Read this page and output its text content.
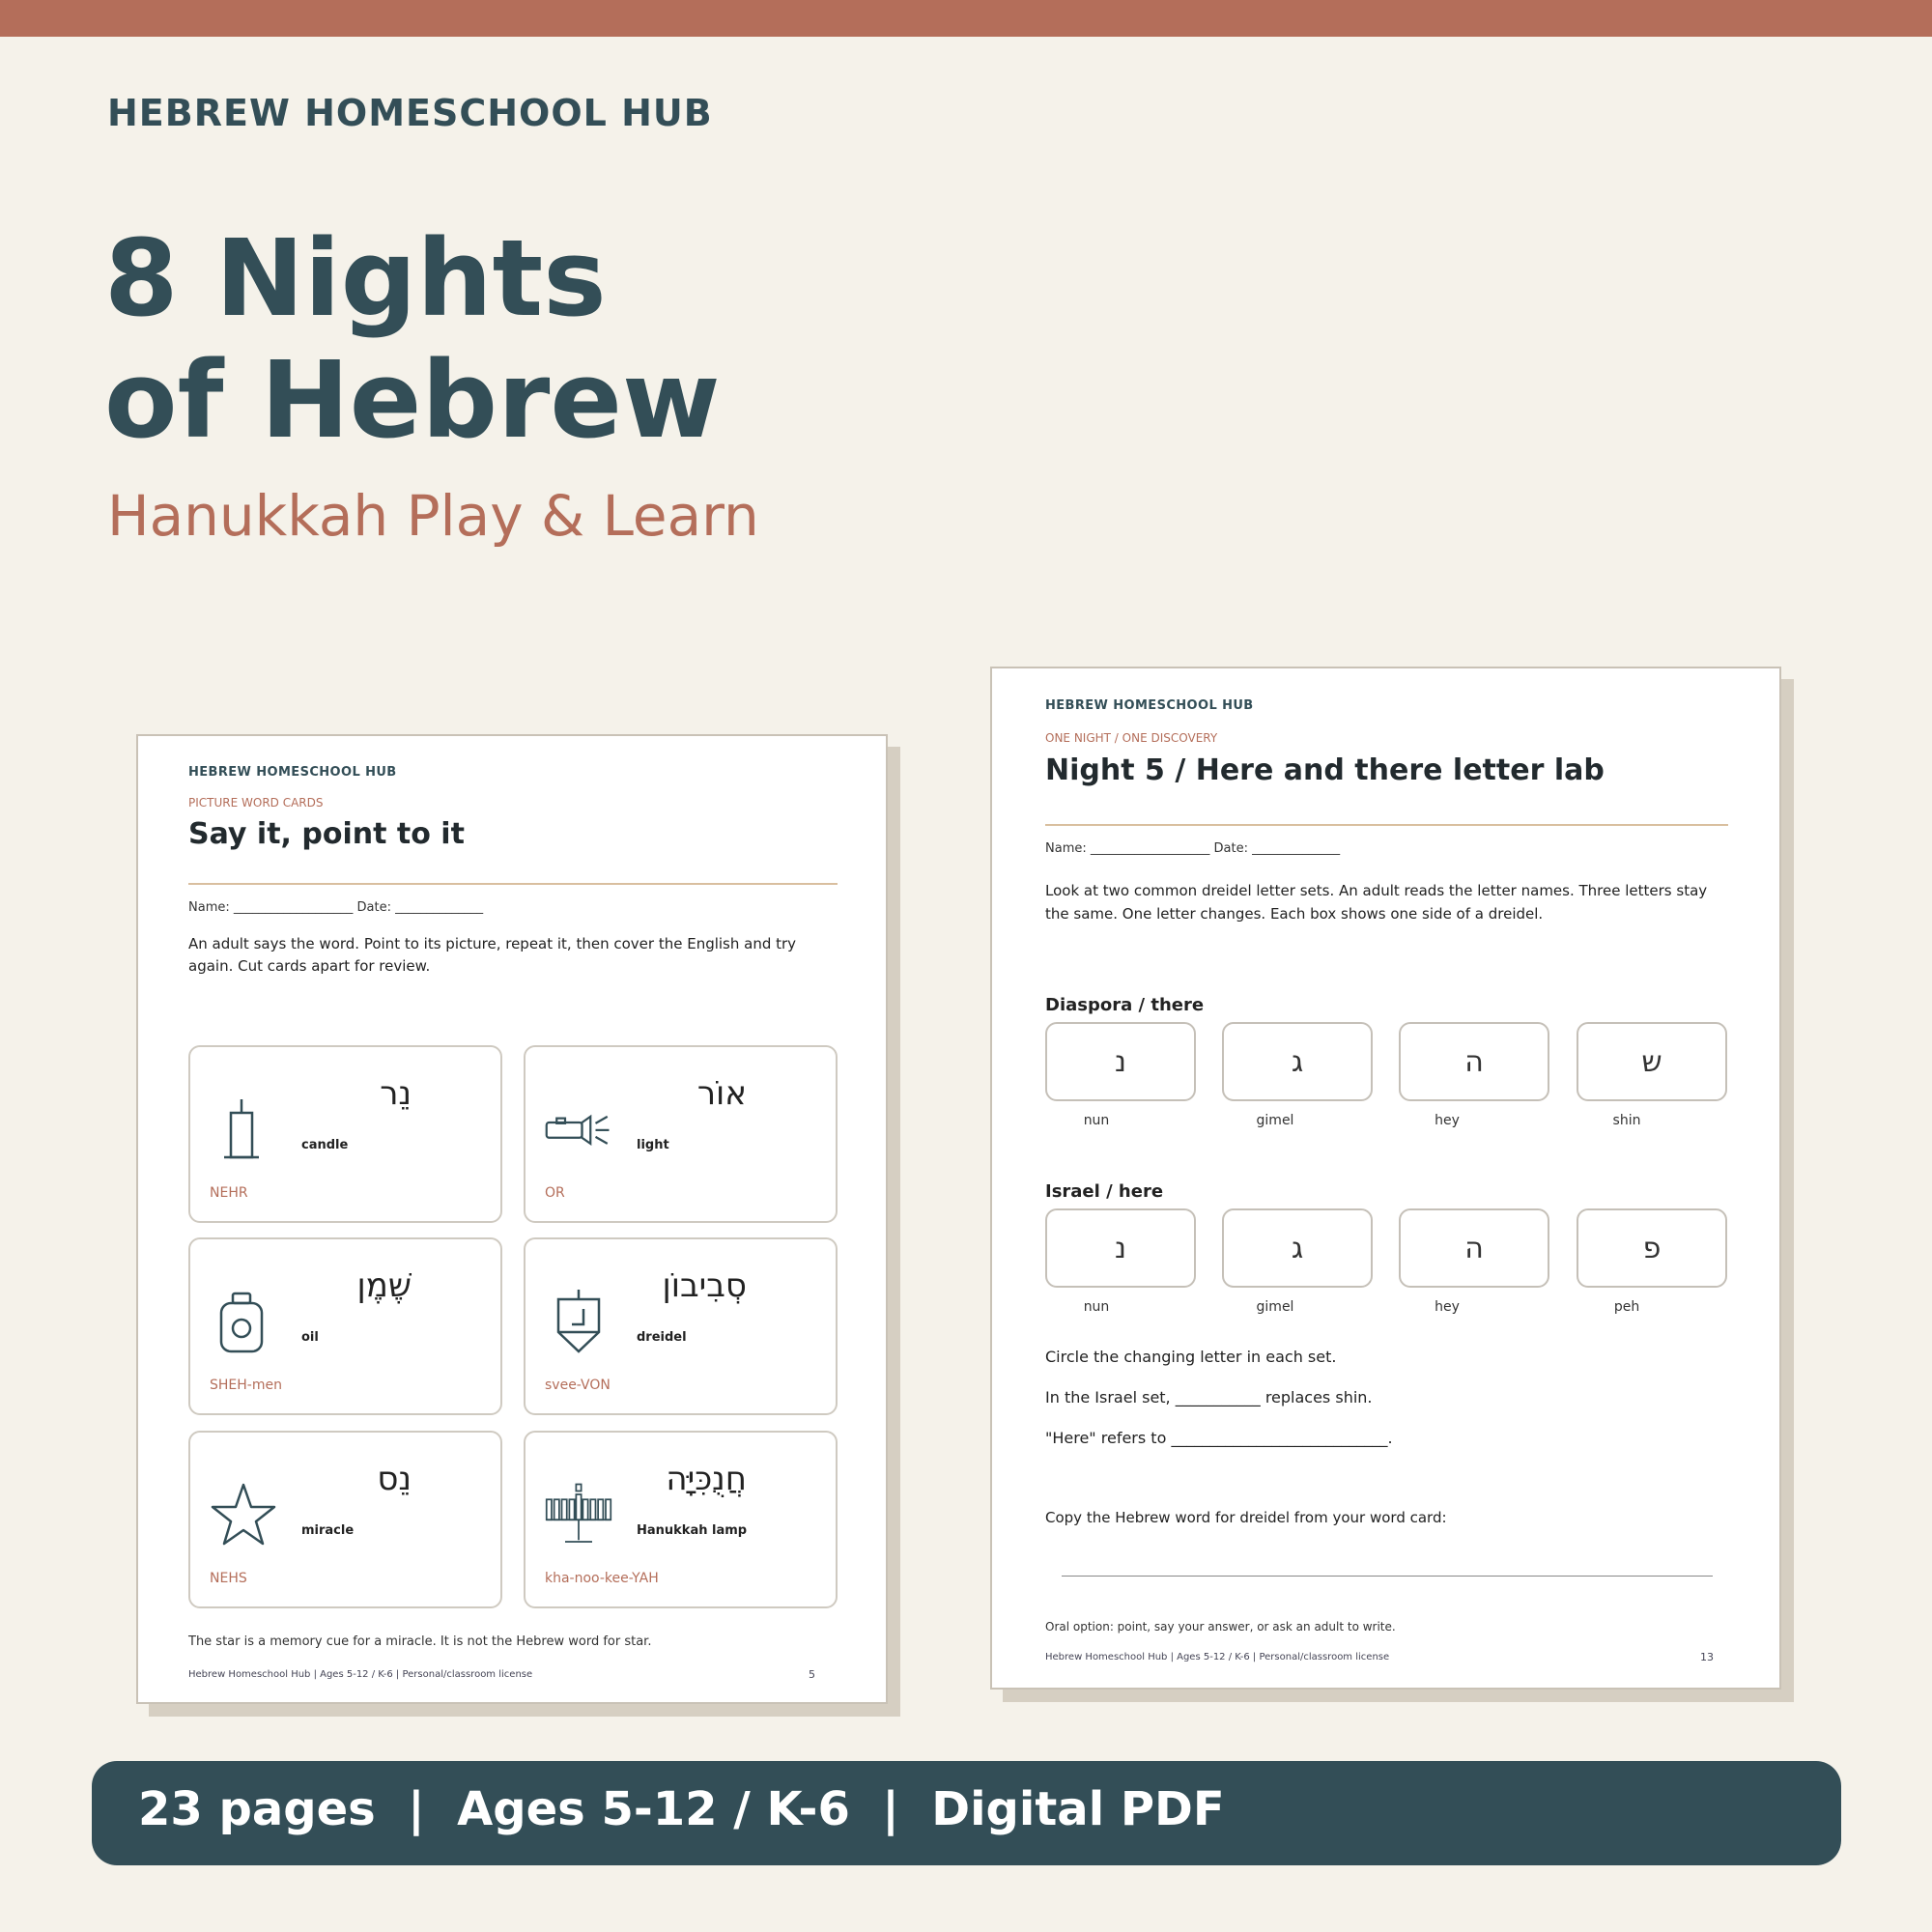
HEBREW HOMESCHOOL HUB
8 Nights
of Hebrew
Hanukkah Play & Learn
HEBREW HOMESCHOOL HUB
PICTURE WORD CARDS
Say it, point to it
Name: ___________________ Date: ______________
An adult says the word. Point to its picture, repeat it, then cover the English and try again. Cut cards apart for review.
נֵר
candle
NEHR
אוֹר
light
OR
שֶׁמֶן
oil
SHEH-men
סְבִיבוֹן
dreidel
svee-VON
נֵס
miracle
NEHS
חֲנֻכִּיָּה
Hanukkah lamp
kha-noo-kee-YAH
The star is a memory cue for a miracle. It is not the Hebrew word for star.
Hebrew Homeschool Hub | Ages 5-12 / K-6 | Personal/classroom license	5
HEBREW HOMESCHOOL HUB
ONE NIGHT / ONE DISCOVERY
Night 5 / Here and there letter lab
Name: ___________________ Date: ______________
Look at two common dreidel letter sets. An adult reads the letter names. Three letters stay the same. One letter changes. Each box shows one side of a dreidel.
Diaspora / there
נ	ג	ה	ש
nun	gimel	hey	shin
Israel / here
נ	ג	ה	פ
nun	gimel	hey	peh
Circle the changing letter in each set.
In the Israel set, ___________ replaces shin.
"Here" refers to ____________________________.
Copy the Hebrew word for dreidel from your word card:
Oral option: point, say your answer, or ask an adult to write.
Hebrew Homeschool Hub | Ages 5-12 / K-6 | Personal/classroom license	13
23 pages  |  Ages 5-12 / K-6  |  Digital PDF
